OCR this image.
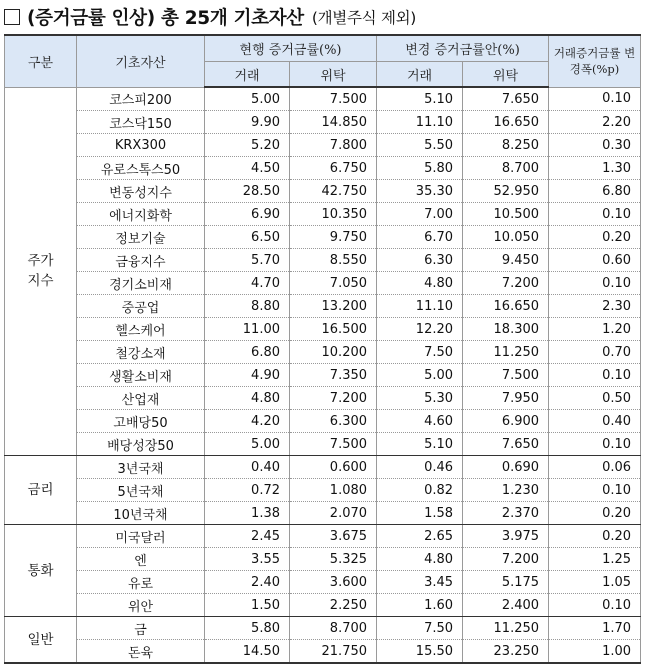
(증거금률 인상) 총 25개 기초자산 (개별주식 제외)
구분	기초자산	현행 증거금률(%)		변경 증거금률안(%)		거래증거금률 변경폭(%p)

		거래	위탁	거래	위탁	
주가 지수	코스피200	5.00	7.500	5.10	7.650	0.10
	코스닥150	9.90	14.850	11.10	16.650	2.20
	KRX300	5.20	7.800	5.50	8.250	0.30
	유로스톡스50	4.50	6.750	5.80	8.700	1.30
	변동성지수	28.50	42.750	35.30	52.950	6.80
	에너지화학	6.90	10.350	7.00	10.500	0.10
	정보기술	6.50	9.750	6.70	10.050	0.20
	금융지수	5.70	8.550	6.30	9.450	0.60
	경기소비재	4.70	7.050	4.80	7.200	0.10
	중공업	8.80	13.200	11.10	16.650	2.30
	헬스케어	11.00	16.500	12.20	18.300	1.20
	철강소재	6.80	10.200	7.50	11.250	0.70
	생활소비재	4.90	7.350	5.00	7.500	0.10
	산업재	4.80	7.200	5.30	7.950	0.50
	고배당50	4.20	6.300	4.60	6.900	0.40
	배당성장50	5.00	7.500	5.10	7.650	0.10
금리	3년국채	0.40	0.600	0.46	0.690	0.06
	5년국채	0.72	1.080	0.82	1.230	0.10
	10년국채	1.38	2.070	1.58	2.370	0.20
통화	미국달러	2.45	3.675	2.65	3.975	0.20
	엔	3.55	5.325	4.80	7.200	1.25
	유로	2.40	3.600	3.45	5.175	1.05
	위안	1.50	2.250	1.60	2.400	0.10
일반	금	5.80	8.700	7.50	11.250	1.70
	돈육	14.50	21.750	15.50	23.250	1.00
